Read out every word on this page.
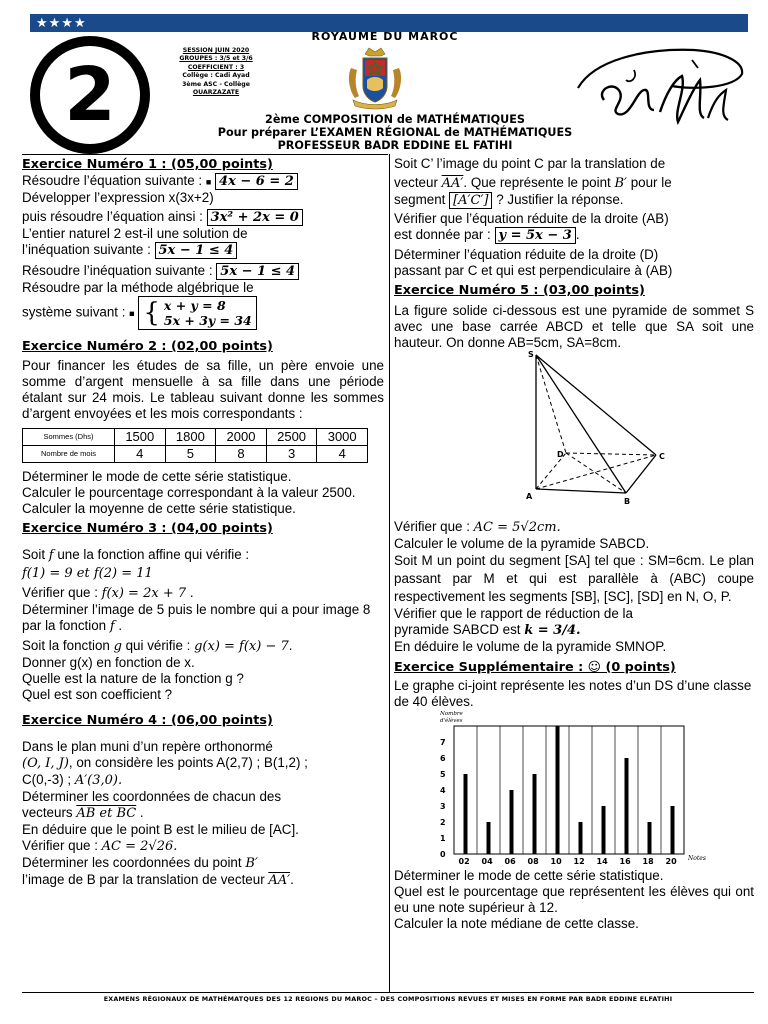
★★★★
ROYAUME DU MAROC
2
SESSION JUIN 2020
GROUPES : 3/5 et 3/6
COEFFICIENT : 3
Collège : Cadi Ayad
3ème ASC - Collège
OUARZAZATE
2ème COMPOSITION de MATHÉMATIQUES
Pour préparer L’EXAMEN RÉGIONAL de MATHÉMATIQUES
PROFESSEUR BADR EDDINE EL FATIHI
Exercice Numéro 1 : (05,00 points)

Résoudre l’équation suivante : ■ 4x − 6 = 2

Développer l’expression x(3x+2)

puis résoudre l’équation ainsi : 3x² + 2x = 0

L’entier naturel 2 est-il une solution de

l’inéquation suivante : 5x − 1 ≤ 4

Résoudre l’inéquation suivante : 5x − 1 ≤ 4

Résoudre par la méthode algébrique le

système suivant : ■ { x + y = 8
5x + 3y = 34

Exercice Numéro 2 : (02,00 points)

Pour financer les études de sa fille, un père envoie une somme d’argent mensuelle à sa fille dans une période étalant sur 24 mois. Le tableau suivant donne les sommes d’argent envoyées et les mois correspondants :

Sommes (Dhs)	1500	1800	2000	2500	3000
Nombre de mois	4	5	8	3	4

Déterminer le mode de cette série statistique.

Calculer le pourcentage correspondant à la valeur 2500.

Calculer la moyenne de cette série statistique.

Exercice Numéro 3 : (04,00 points)

Soit f une la fonction affine qui vérifie :

f(1) = 9 et f(2) = 11

Vérifier que : f(x) = 2x + 7 .

Déterminer l’image de 5 puis le nombre qui a pour image 8 par la fonction f .

Soit la fonction g qui vérifie : g(x) = f(x) − 7.

Donner g(x) en fonction de x.

Quelle est la nature de la fonction g ?

Quel est son coefficient ?

Exercice Numéro 4 : (06,00 points)

Dans le plan muni d’un repère orthonormé

(O, I, J), on considère les points A(2,7) ; B(1,2) ;

C(0,-3) ; A′(3,0).

Déterminer les coordonnées de chacun des

vecteurs AB et BC .

En déduire que le point B est le milieu de [AC].

Vérifier que : AC = 2√26.

Déterminer les coordonnées du point B′

l’image de B par la translation de vecteur AA′.

Soit C’ l’image du point C par la translation de

vecteur AA′. Que représente le point B′ pour le

segment [A′C′] ? Justifier la réponse.

Vérifier que l’équation réduite de la droite (AB)

est donnée par : y = 5x − 3 .

Déterminer l’équation réduite de la droite (D)

passant par C et qui est perpendiculaire à (AB)

Exercice Numéro 5 : (03,00 points)

La figure solide ci-dessous est une pyramide de sommet S avec une base carrée ABCD et telle que SA soit une hauteur. On donne AB=5cm, SA=8cm.

S
A
B
C
D

Vérifier que : AC = 5√2cm.

Calculer le volume de la pyramide SABCD.

Soit M un point du segment [SA] tel que : SM=6cm. Le plan passant par M et qui est parallèle à (ABC) coupe respectivement les segments [SB], [SC], [SD] en N, O, P.

Vérifier que le rapport de réduction de la

pyramide SABCD est k = 3/4.

En déduire le volume de la pyramide SMNOP.

Exercice Supplémentaire : ☺ (0 points)

Le graphe ci-joint représente les notes d’un DS d’une classe de 40 élèves.

0
1
2
3
4
5
6
7
Nombre
d'élèves
02 04 06 08 10 12 14 16 18 20 Notes

Déterminer le mode de cette série statistique.

Quel est le pourcentage que représentent les élèves qui ont eu une note supérieur à 12.

Calculer la note médiane de cette classe.

EXAMENS RÉGIONAUX DE MATHÉMATQUES DES 12 REGIONS DU MAROC – DES COMPOSITIONS REVUES ET MISES EN FORME PAR BADR EDDINE ELFATIHI
